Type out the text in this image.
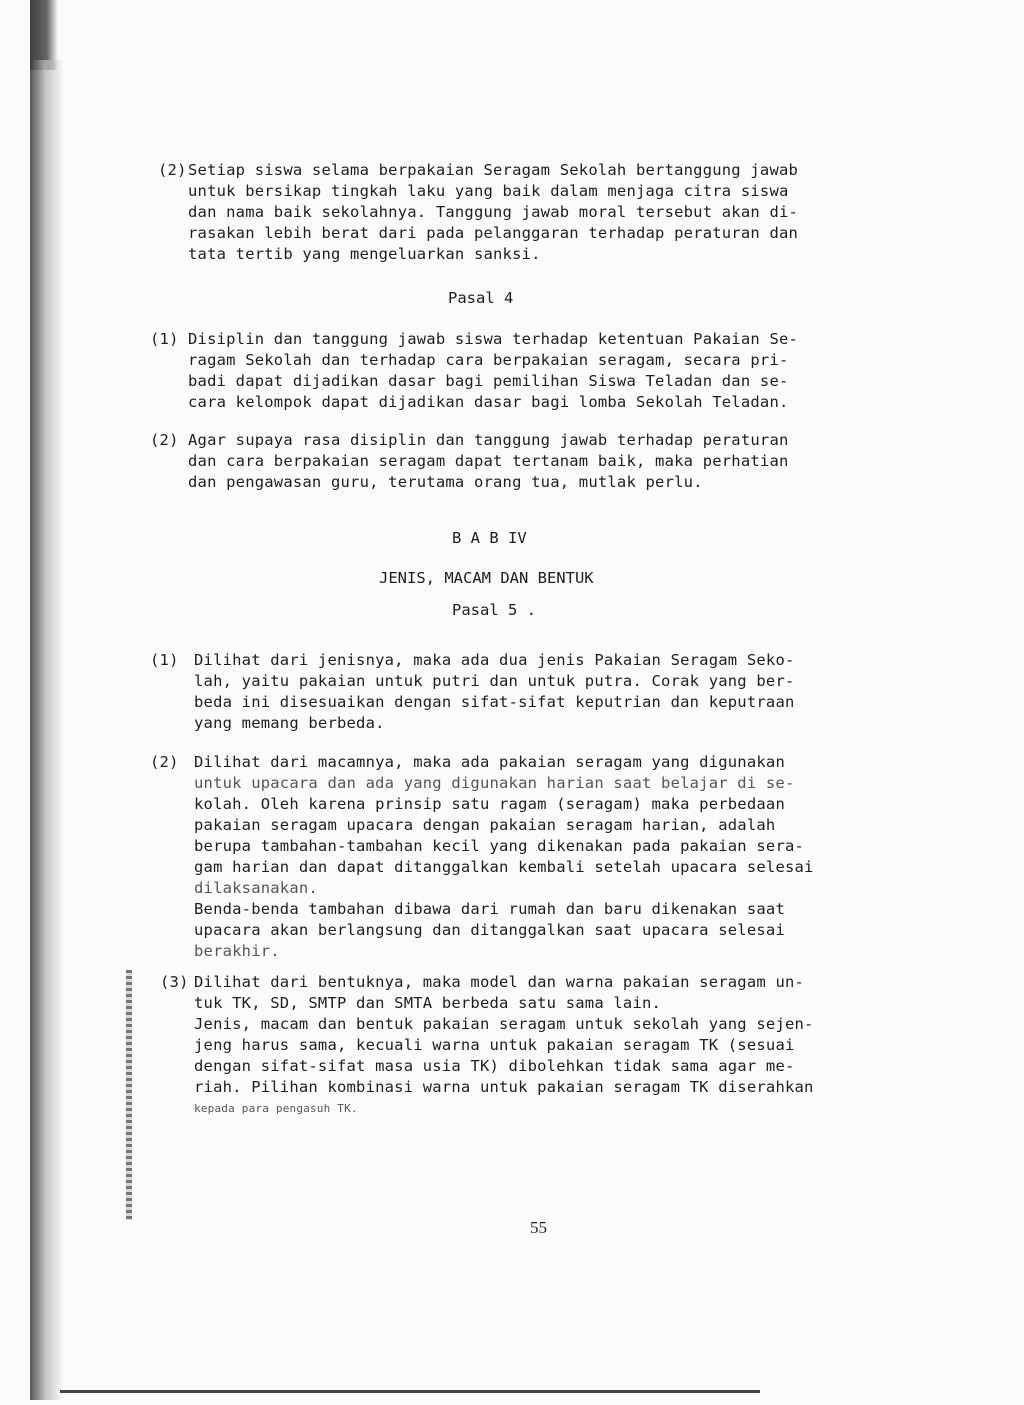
(2) Setiap siswa selama berpakaian Seragam Sekolah bertanggung jawab
untuk bersikap tingkah laku yang baik dalam menjaga citra siswa
dan nama baik sekolahnya. Tanggung jawab moral tersebut akan di-
rasakan lebih berat dari pada pelanggaran terhadap peraturan dan
tata tertib yang mengeluarkan sanksi.
Pasal 4
(1) Disiplin dan tanggung jawab siswa terhadap ketentuan Pakaian Se-
ragam Sekolah dan terhadap cara berpakaian seragam, secara pri-
badi dapat dijadikan dasar bagi pemilihan Siswa Teladan dan se-
cara kelompok dapat dijadikan dasar bagi lomba Sekolah Teladan.
(2) Agar supaya rasa disiplin dan tanggung jawab terhadap peraturan
dan cara berpakaian seragam dapat tertanam baik, maka perhatian
dan pengawasan guru, terutama orang tua, mutlak perlu.
B A B IV
JENIS, MACAM DAN BENTUK
Pasal 5 .
(1) Dilihat dari jenisnya, maka ada dua jenis Pakaian Seragam Seko-
lah, yaitu pakaian untuk putri dan untuk putra. Corak yang ber-
beda ini disesuaikan dengan sifat-sifat keputrian dan keputraan
yang memang berbeda.
(2) Dilihat dari macamnya, maka ada pakaian seragam yang digunakan
untuk upacara dan ada yang digunakan harian saat belajar di se-
kolah. Oleh karena prinsip satu ragam (seragam) maka perbedaan
pakaian seragam upacara dengan pakaian seragam harian, adalah
berupa tambahan-tambahan kecil yang dikenakan pada pakaian sera-
gam harian dan dapat ditanggalkan kembali setelah upacara selesai
dilaksanakan.
Benda-benda tambahan dibawa dari rumah dan baru dikenakan saat
upacara akan berlangsung dan ditanggalkan saat upacara selesai
berakhir.
(3) Dilihat dari bentuknya, maka model dan warna pakaian seragam un-
tuk TK, SD, SMTP dan SMTA berbeda satu sama lain.
Jenis, macam dan bentuk pakaian seragam untuk sekolah yang sejen-
jeng harus sama, kecuali warna untuk pakaian seragam TK (sesuai
dengan sifat-sifat masa usia TK) dibolehkan tidak sama agar me-
riah. Pilihan kombinasi warna untuk pakaian seragam TK diserahkan
kepada para pengasuh TK.
55
